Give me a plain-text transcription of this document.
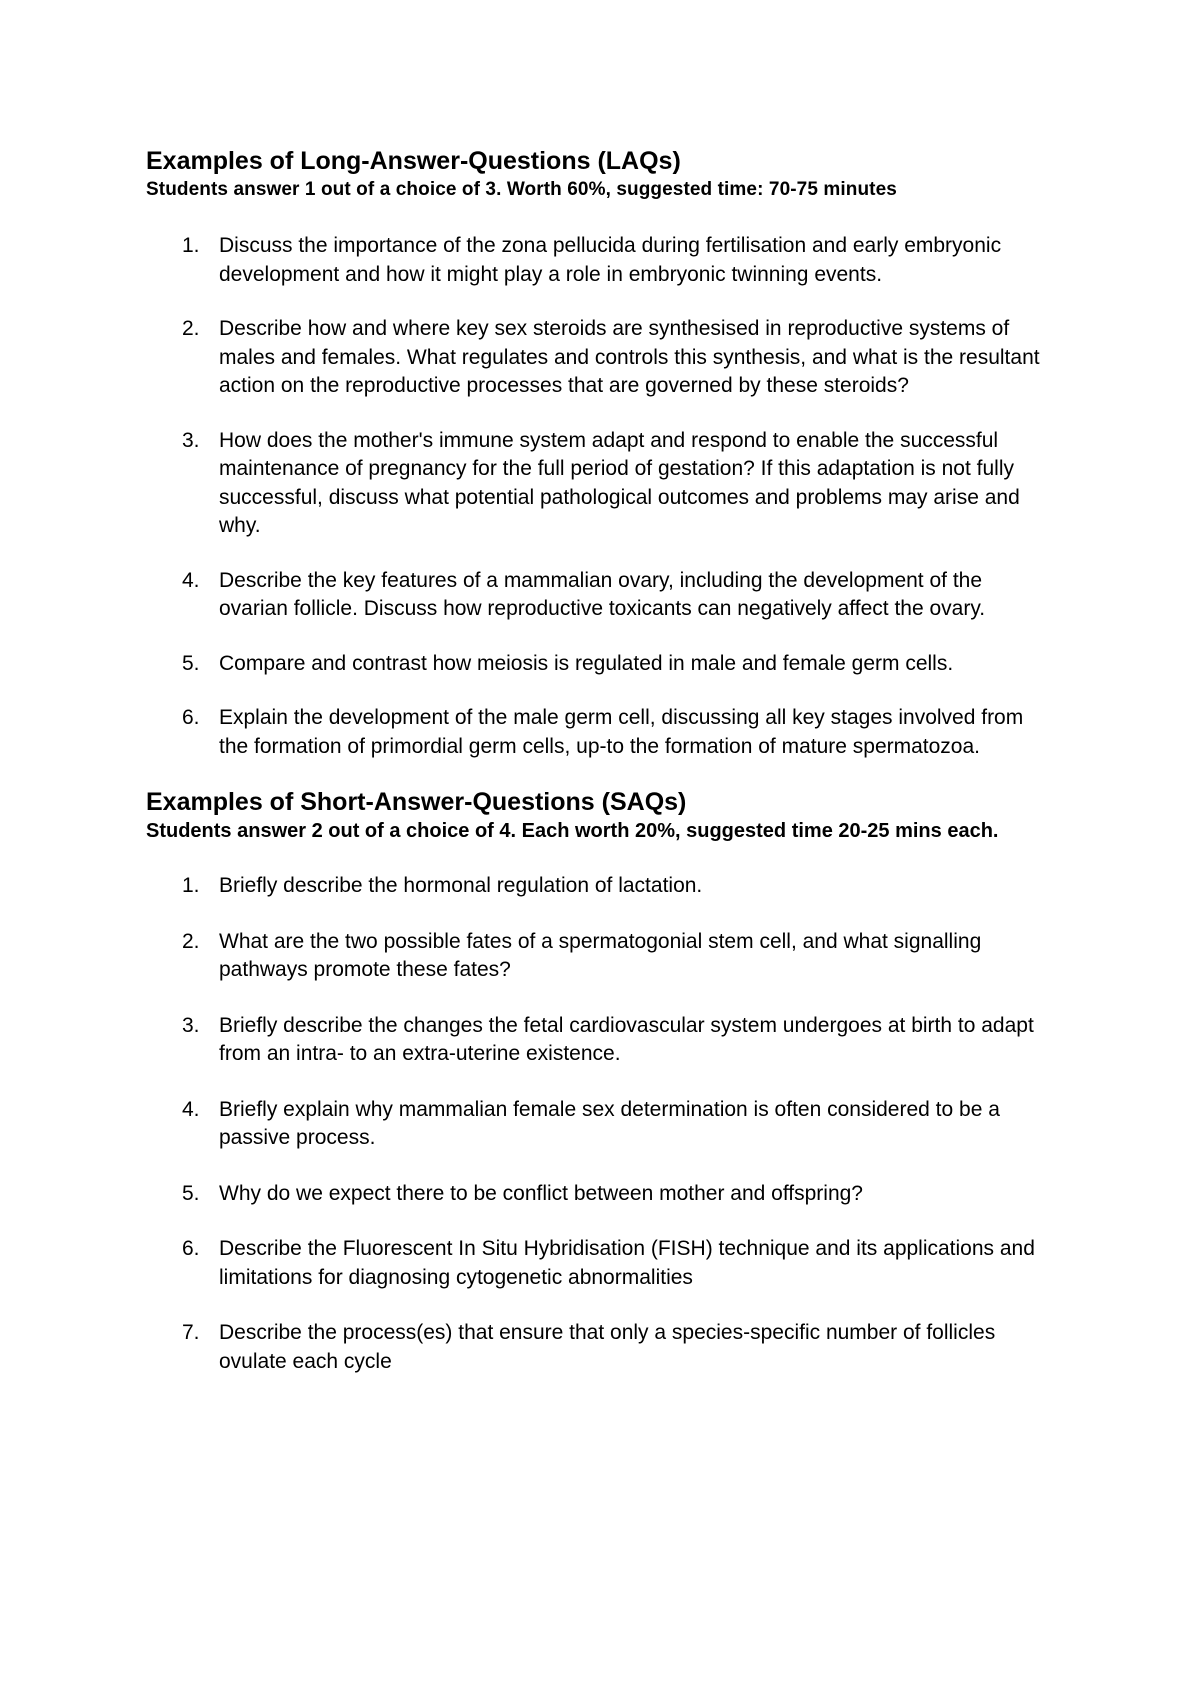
Examples of Long-Answer-Questions (LAQs)

Students answer 1 out of a choice of 3. Worth 60%, suggested time: 70-75 minutes

1. Discuss the importance of the zona pellucida during fertilisation and early embryonic development and how it might play a role in embryonic twinning events.
2. Describe how and where key sex steroids are synthesised in reproductive systems of males and females. What regulates and controls this synthesis, and what is the resultant action on the reproductive processes that are governed by these steroids?
3. How does the mother's immune system adapt and respond to enable the successful maintenance of pregnancy for the full period of gestation? If this adaptation is not fully successful, discuss what potential pathological outcomes and problems may arise and why.
4. Describe the key features of a mammalian ovary, including the development of the ovarian follicle. Discuss how reproductive toxicants can negatively affect the ovary.
5. Compare and contrast how meiosis is regulated in male and female germ cells.
6. Explain the development of the male germ cell, discussing all key stages involved from the formation of primordial germ cells, up-to the formation of mature spermatozoa.
Examples of Short-Answer-Questions (SAQs)

Students answer 2 out of a choice of 4. Each worth 20%, suggested time 20-25 mins each.

1. Briefly describe the hormonal regulation of lactation.
2. What are the two possible fates of a spermatogonial stem cell, and what signalling pathways promote these fates?
3. Briefly describe the changes the fetal cardiovascular system undergoes at birth to adapt from an intra- to an extra-uterine existence.
4. Briefly explain why mammalian female sex determination is often considered to be a passive process.
5. Why do we expect there to be conflict between mother and offspring?
6. Describe the Fluorescent In Situ Hybridisation (FISH) technique and its applications and limitations for diagnosing cytogenetic abnormalities
7. Describe the process(es) that ensure that only a species-specific number of follicles ovulate each cycle
